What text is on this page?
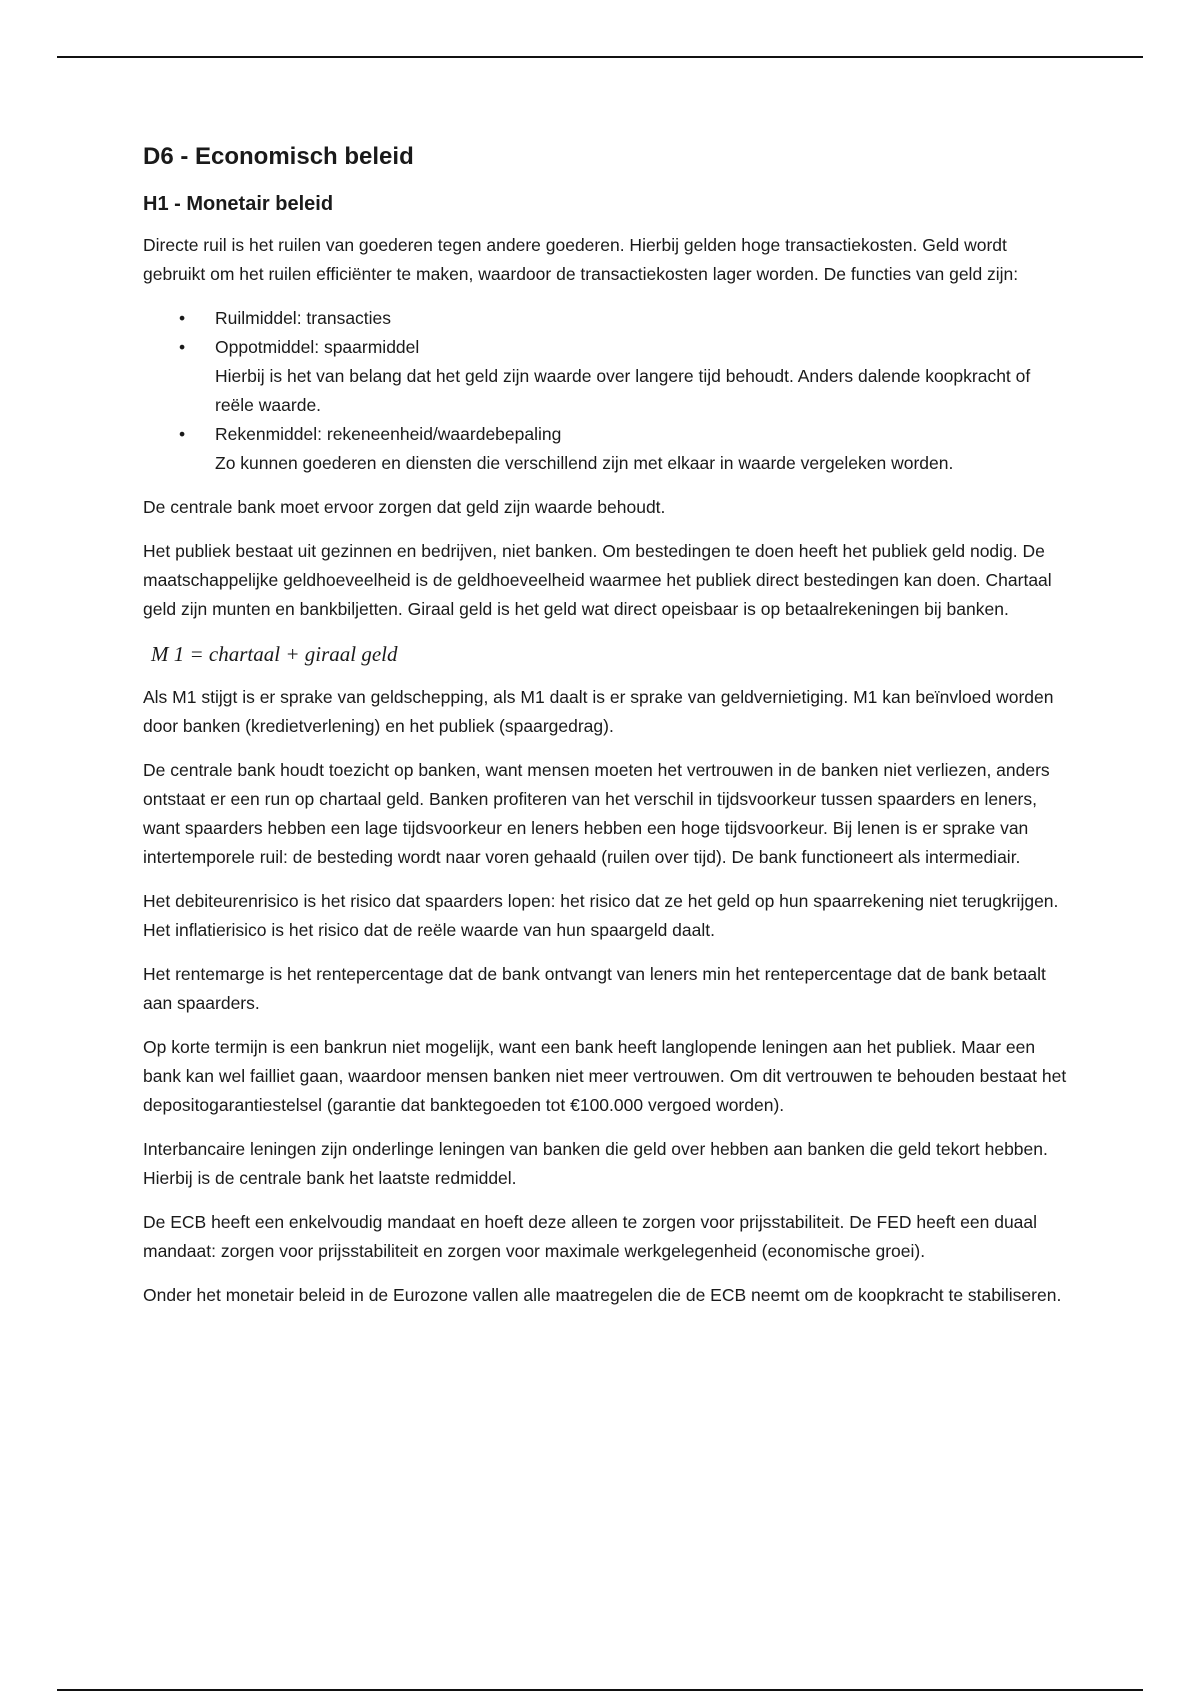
D6 - Economisch beleid
H1 - Monetair beleid

Directe ruil is het ruilen van goederen tegen andere goederen. Hierbij gelden hoge transactiekosten. Geld wordt gebruikt om het ruilen efficiënter te maken, waardoor de transactiekosten lager worden. De functies van geld zijn:

• Ruilmiddel: transacties
• Oppotmiddel: spaarmiddel
Hierbij is het van belang dat het geld zijn waarde over langere tijd behoudt. Anders dalende koopkracht of reële waarde.
• Rekenmiddel: rekeneenheid/waardebepaling
Zo kunnen goederen en diensten die verschillend zijn met elkaar in waarde vergeleken worden.

De centrale bank moet ervoor zorgen dat geld zijn waarde behoudt.

Het publiek bestaat uit gezinnen en bedrijven, niet banken. Om bestedingen te doen heeft het publiek geld nodig. De maatschappelijke geldhoeveelheid is de geldhoeveelheid waarmee het publiek direct bestedingen kan doen. Chartaal geld zijn munten en bankbiljetten. Giraal geld is het geld wat direct opeisbaar is op betaalrekeningen bij banken.

M 1 = chartaal + giraal geld

Als M1 stijgt is er sprake van geldschepping, als M1 daalt is er sprake van geldvernietiging. M1 kan beïnvloed worden door banken (kredietverlening) en het publiek (spaargedrag).

De centrale bank houdt toezicht op banken, want mensen moeten het vertrouwen in de banken niet verliezen, anders ontstaat er een run op chartaal geld. Banken profiteren van het verschil in tijdsvoorkeur tussen spaarders en leners, want spaarders hebben een lage tijdsvoorkeur en leners hebben een hoge tijdsvoorkeur. Bij lenen is er sprake van intertemporele ruil: de besteding wordt naar voren gehaald (ruilen over tijd). De bank functioneert als intermediair.

Het debiteurenrisico is het risico dat spaarders lopen: het risico dat ze het geld op hun spaarrekening niet terugkrijgen. Het inflatierisico is het risico dat de reële waarde van hun spaargeld daalt.

Het rentemarge is het rentepercentage dat de bank ontvangt van leners min het rentepercentage dat de bank betaalt aan spaarders.

Op korte termijn is een bankrun niet mogelijk, want een bank heeft langlopende leningen aan het publiek. Maar een bank kan wel failliet gaan, waardoor mensen banken niet meer vertrouwen. Om dit vertrouwen te behouden bestaat het depositogarantiestelsel (garantie dat banktegoeden tot €100.000 vergoed worden).

Interbancaire leningen zijn onderlinge leningen van banken die geld over hebben aan banken die geld tekort hebben. Hierbij is de centrale bank het laatste redmiddel.

De ECB heeft een enkelvoudig mandaat en hoeft deze alleen te zorgen voor prijsstabiliteit. De FED heeft een duaal mandaat: zorgen voor prijsstabiliteit en zorgen voor maximale werkgelegenheid (economische groei).

Onder het monetair beleid in de Eurozone vallen alle maatregelen die de ECB neemt om de koopkracht te stabiliseren.
